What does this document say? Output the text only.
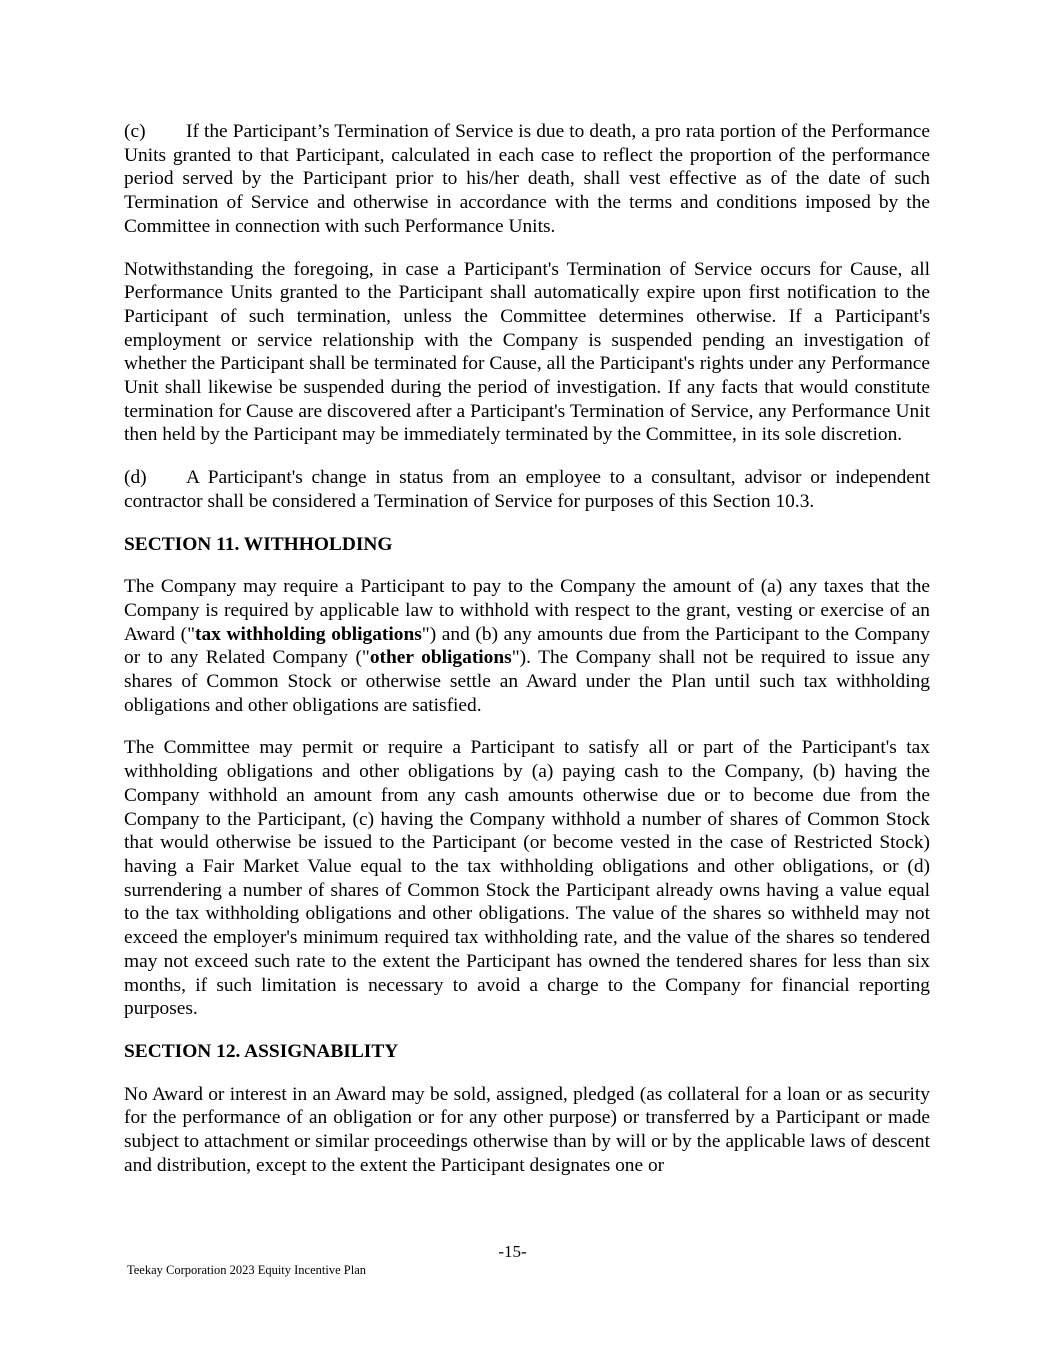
(c) If the Participant’s Termination of Service is due to death, a pro rata portion of the Performance Units granted to that Participant, calculated in each case to reflect the proportion of the performance period served by the Participant prior to his/her death, shall vest effective as of the date of such Termination of Service and otherwise in accordance with the terms and conditions imposed by the Committee in connection with such Performance Units.

Notwithstanding the foregoing, in case a Participant's Termination of Service occurs for Cause, all Performance Units granted to the Participant shall automatically expire upon first notification to the Participant of such termination, unless the Committee determines otherwise. If a Participant's employment or service relationship with the Company is suspended pending an investigation of whether the Participant shall be terminated for Cause, all the Participant's rights under any Performance Unit shall likewise be suspended during the period of investigation. If any facts that would constitute termination for Cause are discovered after a Participant's Termination of Service, any Performance Unit then held by the Participant may be immediately terminated by the Committee, in its sole discretion.

(d) A Participant's change in status from an employee to a consultant, advisor or independent contractor shall be considered a Termination of Service for purposes of this Section 10.3.

SECTION 11. WITHHOLDING

The Company may require a Participant to pay to the Company the amount of (a) any taxes that the Company is required by applicable law to withhold with respect to the grant, vesting or exercise of an Award ("tax withholding obligations") and (b) any amounts due from the Participant to the Company or to any Related Company ("other obligations"). The Company shall not be required to issue any shares of Common Stock or otherwise settle an Award under the Plan until such tax withholding obligations and other obligations are satisfied.

The Committee may permit or require a Participant to satisfy all or part of the Participant's tax withholding obligations and other obligations by (a) paying cash to the Company, (b) having the Company withhold an amount from any cash amounts otherwise due or to become due from the Company to the Participant, (c) having the Company withhold a number of shares of Common Stock that would otherwise be issued to the Participant (or become vested in the case of Restricted Stock) having a Fair Market Value equal to the tax withholding obligations and other obligations, or (d) surrendering a number of shares of Common Stock the Participant already owns having a value equal to the tax withholding obligations and other obligations. The value of the shares so withheld may not exceed the employer's minimum required tax withholding rate, and the value of the shares so tendered may not exceed such rate to the extent the Participant has owned the tendered shares for less than six months, if such limitation is necessary to avoid a charge to the Company for financial reporting purposes.

SECTION 12. ASSIGNABILITY

No Award or interest in an Award may be sold, assigned, pledged (as collateral for a loan or as security for the performance of an obligation or for any other purpose) or transferred by a Participant or made subject to attachment or similar proceedings otherwise than by will or by the applicable laws of descent and distribution, except to the extent the Participant designates one or

-15-
Teekay Corporation 2023 Equity Incentive Plan
